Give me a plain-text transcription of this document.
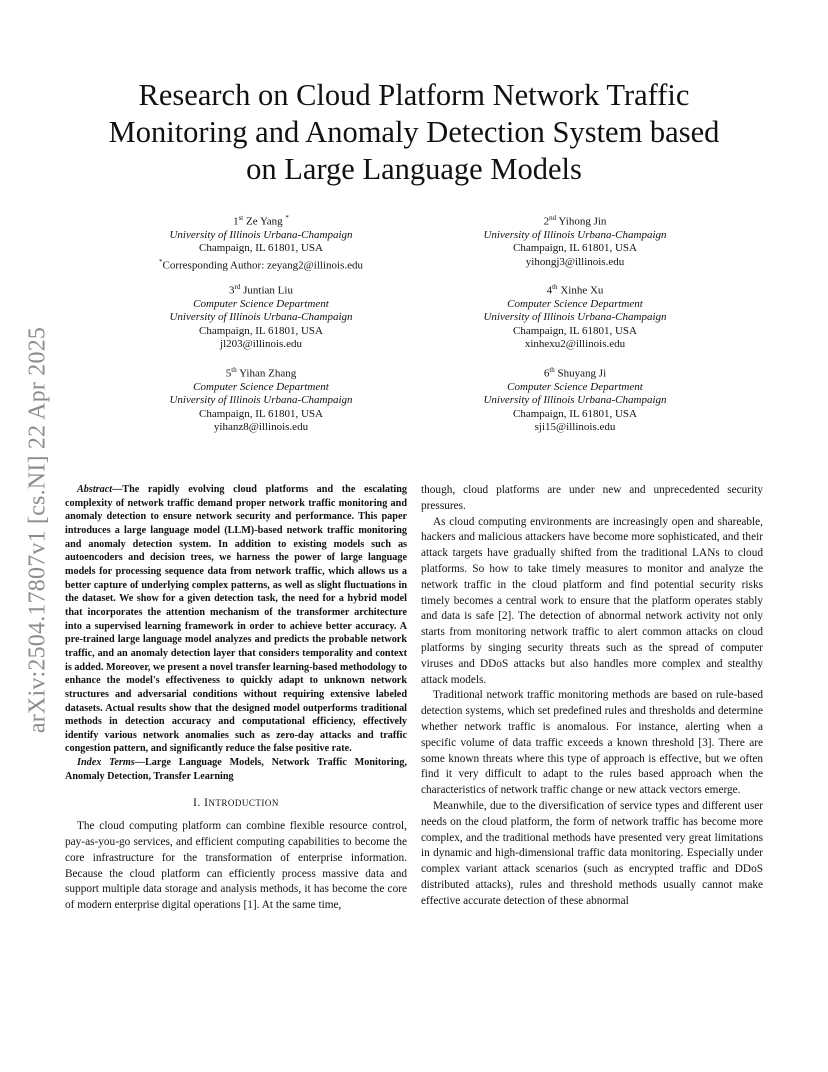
arXiv:2504.17807v1 [cs.NI] 22 Apr 2025
Research on Cloud Platform Network Traffic
Monitoring and Anomaly Detection System based
on Large Language Models
1st Ze Yang *
University of Illinois Urbana-Champaign
Champaign, IL 61801, USA
*Corresponding Author: zeyang2@illinois.edu
2nd Yihong Jin
University of Illinois Urbana-Champaign
Champaign, IL 61801, USA
yihongj3@illinois.edu
3rd Juntian Liu
Computer Science Department
University of Illinois Urbana-Champaign
Champaign, IL 61801, USA
jl203@illinois.edu
4th Xinhe Xu
Computer Science Department
University of Illinois Urbana-Champaign
Champaign, IL 61801, USA
xinhexu2@illinois.edu
5th Yihan Zhang
Computer Science Department
University of Illinois Urbana-Champaign
Champaign, IL 61801, USA
yihanz8@illinois.edu
6th Shuyang Ji
Computer Science Department
University of Illinois Urbana-Champaign
Champaign, IL 61801, USA
sji15@illinois.edu

Abstract—The rapidly evolving cloud platforms and the escalating complexity of network traffic demand proper network traffic monitoring and anomaly detection to ensure network security and performance. This paper introduces a large language model (LLM)-based network traffic monitoring and anomaly detection system. In addition to existing models such as autoencoders and decision trees, we harness the power of large language models for processing sequence data from network traffic, which allows us a better capture of underlying complex patterns, as well as slight fluctuations in the dataset. We show for a given detection task, the need for a hybrid model that incorporates the attention mechanism of the transformer architecture into a supervised learning framework in order to achieve better accuracy. A pre-trained large language model analyzes and predicts the probable network traffic, and an anomaly detection layer that considers temporality and context is added. Moreover, we present a novel transfer learning-based methodology to enhance the model's effectiveness to quickly adapt to unknown network structures and adversarial conditions without requiring extensive labeled datasets. Actual results show that the designed model outperforms traditional methods in detection accuracy and computational efficiency, effectively identify various network anomalies such as zero-day attacks and traffic congestion pattern, and significantly reduce the false positive rate.

Index Terms—Large Language Models, Network Traffic Monitoring, Anomaly Detection, Transfer Learning

I. INTRODUCTION

The cloud computing platform can combine flexible resource control, pay-as-you-go services, and efficient computing capabilities to become the core infrastructure for the transformation of enterprise information. Because the cloud platform can efficiently process massive data and support multiple data storage and analysis methods, it has become the core of modern enterprise digital operations [1]. At the same time,

though, cloud platforms are under new and unprecedented security pressures.

As cloud computing environments are increasingly open and shareable, hackers and malicious attackers have become more sophisticated, and their attack targets have gradually shifted from the traditional LANs to cloud platforms. So how to take timely measures to monitor and analyze the network traffic in the cloud platform and find potential security risks timely becomes a central work to ensure that the platform operates stably and data is safe [2]. The detection of abnormal network activity not only starts from monitoring network traffic to alert common attacks on cloud platforms by singing security threats such as the spread of computer viruses and DDoS attacks but also handles more complex and stealthy attack models.

Traditional network traffic monitoring methods are based on rule-based detection systems, which set predefined rules and thresholds and determine whether network traffic is anomalous. For instance, alerting when a specific volume of data traffic exceeds a known threshold [3]. There are some known threats where this type of approach is effective, but we often find it very difficult to adapt to the rules based approach when the characteristics of network traffic change or new attack vectors emerge.

Meanwhile, due to the diversification of service types and different user needs on the cloud platform, the form of network traffic has become more complex, and the traditional methods have presented very great limitations in dynamic and high-dimensional traffic data monitoring. Especially under complex variant attack scenarios (such as encrypted traffic and DDoS distributed attacks), rules and threshold methods usually cannot make effective accurate detection of these abnormal
